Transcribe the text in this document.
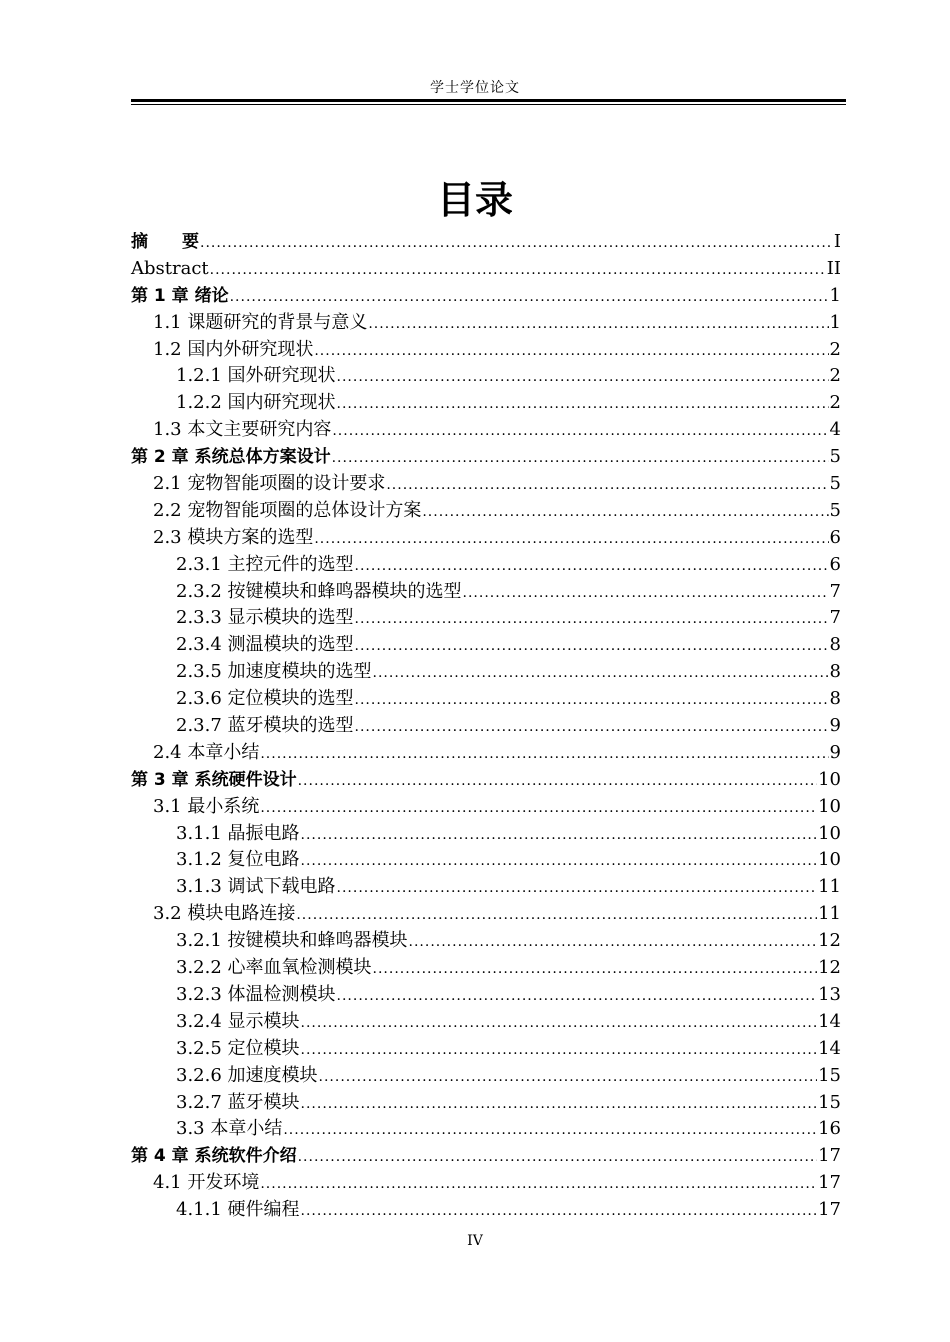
学士学位论文
目录
摘　　要 .....	I
Abstract .....	II
第 1 章 绪论 .....	1
1.1 课题研究的背景与意义 .....	1
1.2 国内外研究现状 .....	2
1.2.1 国外研究现状 .....	2
1.2.2 国内研究现状 .....	2
1.3 本文主要研究内容 .....	4
第 2 章 系统总体方案设计 .....	5
2.1 宠物智能项圈的设计要求 .....	5
2.2 宠物智能项圈的总体设计方案 .....	5
2.3 模块方案的选型 .....	6
2.3.1 主控元件的选型 .....	6
2.3.2 按键模块和蜂鸣器模块的选型 .....	7
2.3.3 显示模块的选型 .....	7
2.3.4 测温模块的选型 .....	8
2.3.5 加速度模块的选型 .....	8
2.3.6 定位模块的选型 .....	8
2.3.7 蓝牙模块的选型 .....	9
2.4 本章小结 .....	9
第 3 章 系统硬件设计 .....	10
3.1 最小系统 .....	10
3.1.1 晶振电路 .....	10
3.1.2 复位电路 .....	10
3.1.3 调试下载电路 .....	11
3.2 模块电路连接 .....	11
3.2.1 按键模块和蜂鸣器模块 .....	12
3.2.2 心率血氧检测模块 .....	12
3.2.3 体温检测模块 .....	13
3.2.4 显示模块 .....	14
3.2.5 定位模块 .....	14
3.2.6 加速度模块 .....	15
3.2.7 蓝牙模块 .....	15
3.3 本章小结 .....	16
第 4 章 系统软件介绍 .....	17
4.1 开发环境 .....	17
4.1.1 硬件编程 .....	17
IV
